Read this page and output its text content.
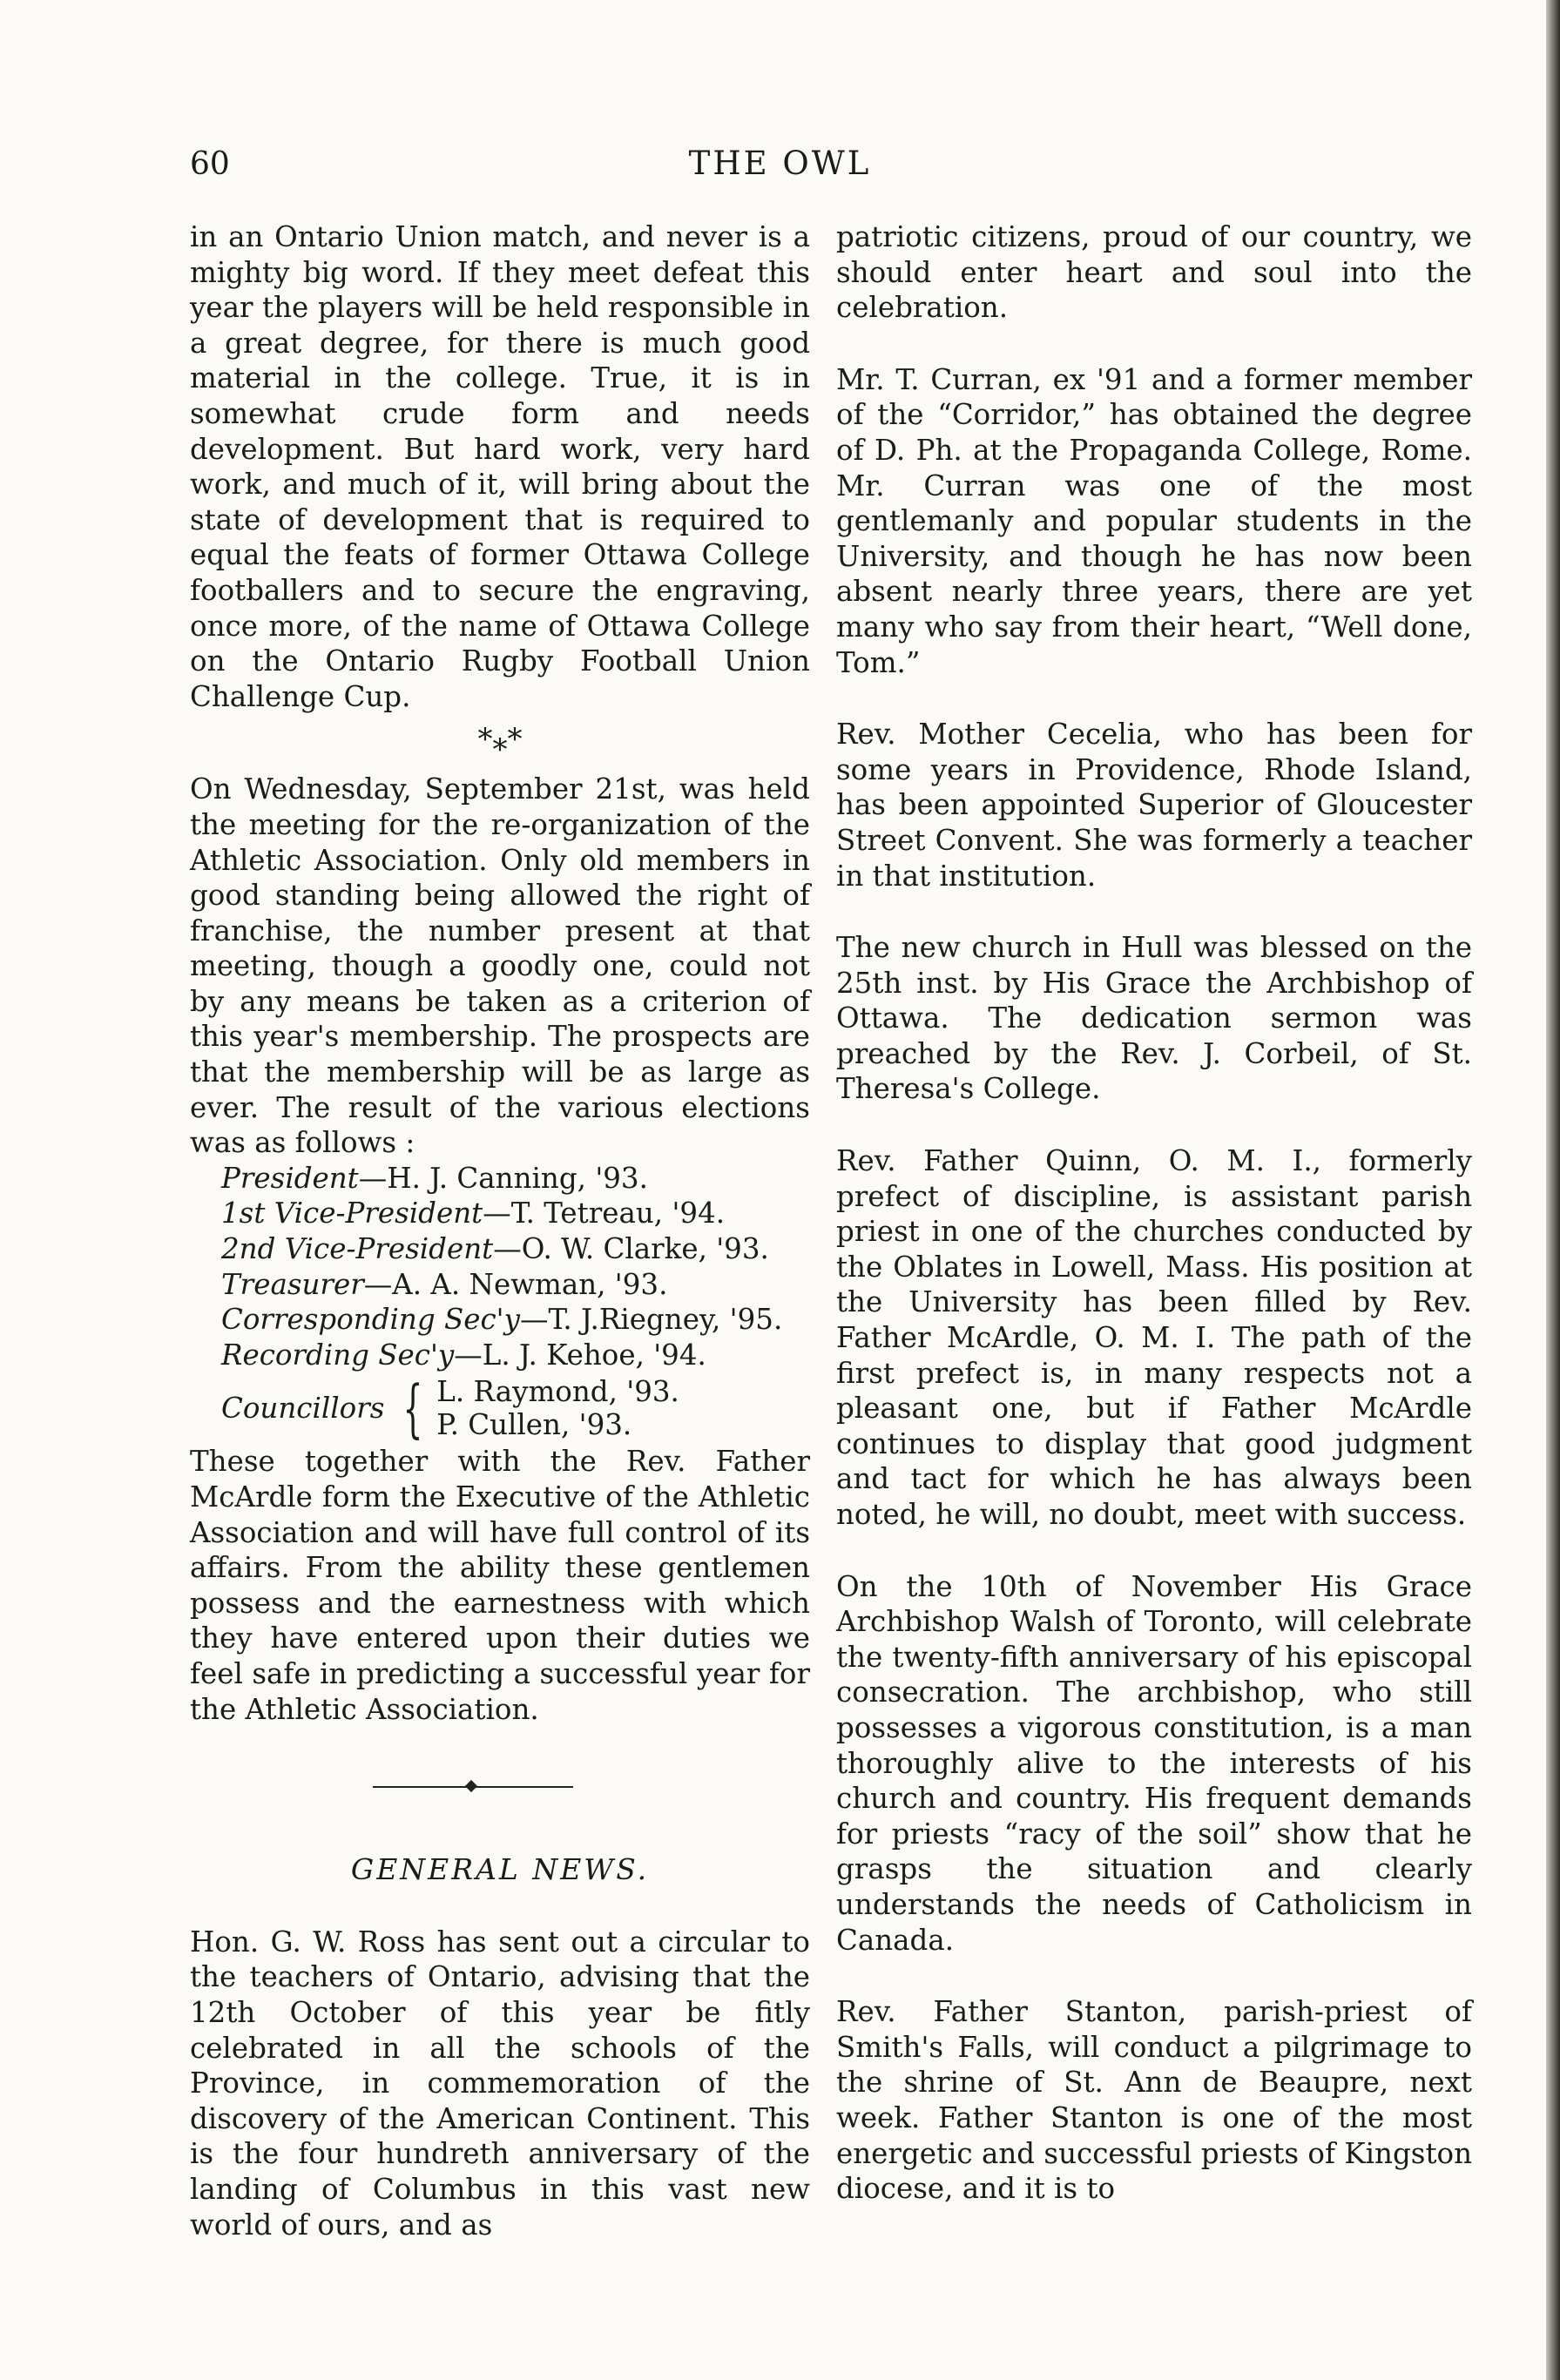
60	THE OWL

in an Ontario Union match, and never is a mighty big word. If they meet defeat this year the players will be held responsible in a great degree, for there is much good material in the college. True, it is in somewhat crude form and needs development. But hard work, very hard work, and much of it, will bring about the state of development that is required to equal the feats of former Ottawa College footballers and to secure the engraving, once more, of the name of Ottawa College on the Ontario Rugby Football Union Challenge Cup.

***

On Wednesday, September 21st, was held the meeting for the re-organization of the Athletic Association. Only old members in good standing being allowed the right of franchise, the number present at that meeting, though a goodly one, could not by any means be taken as a criterion of this year's membership. The prospects are that the membership will be as large as ever. The result of the various elections was as follows :

President—H. J. Canning, '93.
1st Vice-President—T. Tetreau, '94.
2nd Vice-President—O. W. Clarke, '93.
Treasurer—A. A. Newman, '93.
Corresponding Sec'y—T. J.Riegney, '95.
Recording Sec'y—L. J. Kehoe, '94.
Councillors { L. Raymond, '93.
P. Cullen, '93.

These together with the Rev. Father McArdle form the Executive of the Athletic Association and will have full control of its affairs. From the ability these gentlemen possess and the earnestness with which they have entered upon their duties we feel safe in predicting a successful year for the Athletic Association.

GENERAL NEWS.

Hon. G. W. Ross has sent out a circular to the teachers of Ontario, advising that the 12th October of this year be fitly celebrated in all the schools of the Province, in commemoration of the discovery of the American Continent. This is the four hundreth anniversary of the landing of Columbus in this vast new world of ours, and as

patriotic citizens, proud of our country, we should enter heart and soul into the celebration.

Mr. T. Curran, ex '91 and a former member of the “Corridor,” has obtained the degree of D. Ph. at the Propaganda College, Rome. Mr. Curran was one of the most gentlemanly and popular students in the University, and though he has now been absent nearly three years, there are yet many who say from their heart, “Well done, Tom.”

Rev. Mother Cecelia, who has been for some years in Providence, Rhode Island, has been appointed Superior of Gloucester Street Convent. She was formerly a teacher in that institution.

The new church in Hull was blessed on the 25th inst. by His Grace the Archbishop of Ottawa. The dedication sermon was preached by the Rev. J. Corbeil, of St. Theresa's College.

Rev. Father Quinn, O. M. I., formerly prefect of discipline, is assistant parish priest in one of the churches conducted by the Oblates in Lowell, Mass. His position at the University has been filled by Rev. Father McArdle, O. M. I. The path of the first prefect is, in many respects not a pleasant one, but if Father McArdle continues to display that good judgment and tact for which he has always been noted, he will, no doubt, meet with success.

On the 10th of November His Grace Archbishop Walsh of Toronto, will celebrate the twenty-fifth anniversary of his episcopal consecration. The archbishop, who still possesses a vigorous constitution, is a man thoroughly alive to the interests of his church and country. His frequent demands for priests “racy of the soil” show that he grasps the situation and clearly understands the needs of Catholicism in Canada.

Rev. Father Stanton, parish-priest of Smith's Falls, will conduct a pilgrimage to the shrine of St. Ann de Beaupre, next week. Father Stanton is one of the most energetic and successful priests of Kingston diocese, and it is to
